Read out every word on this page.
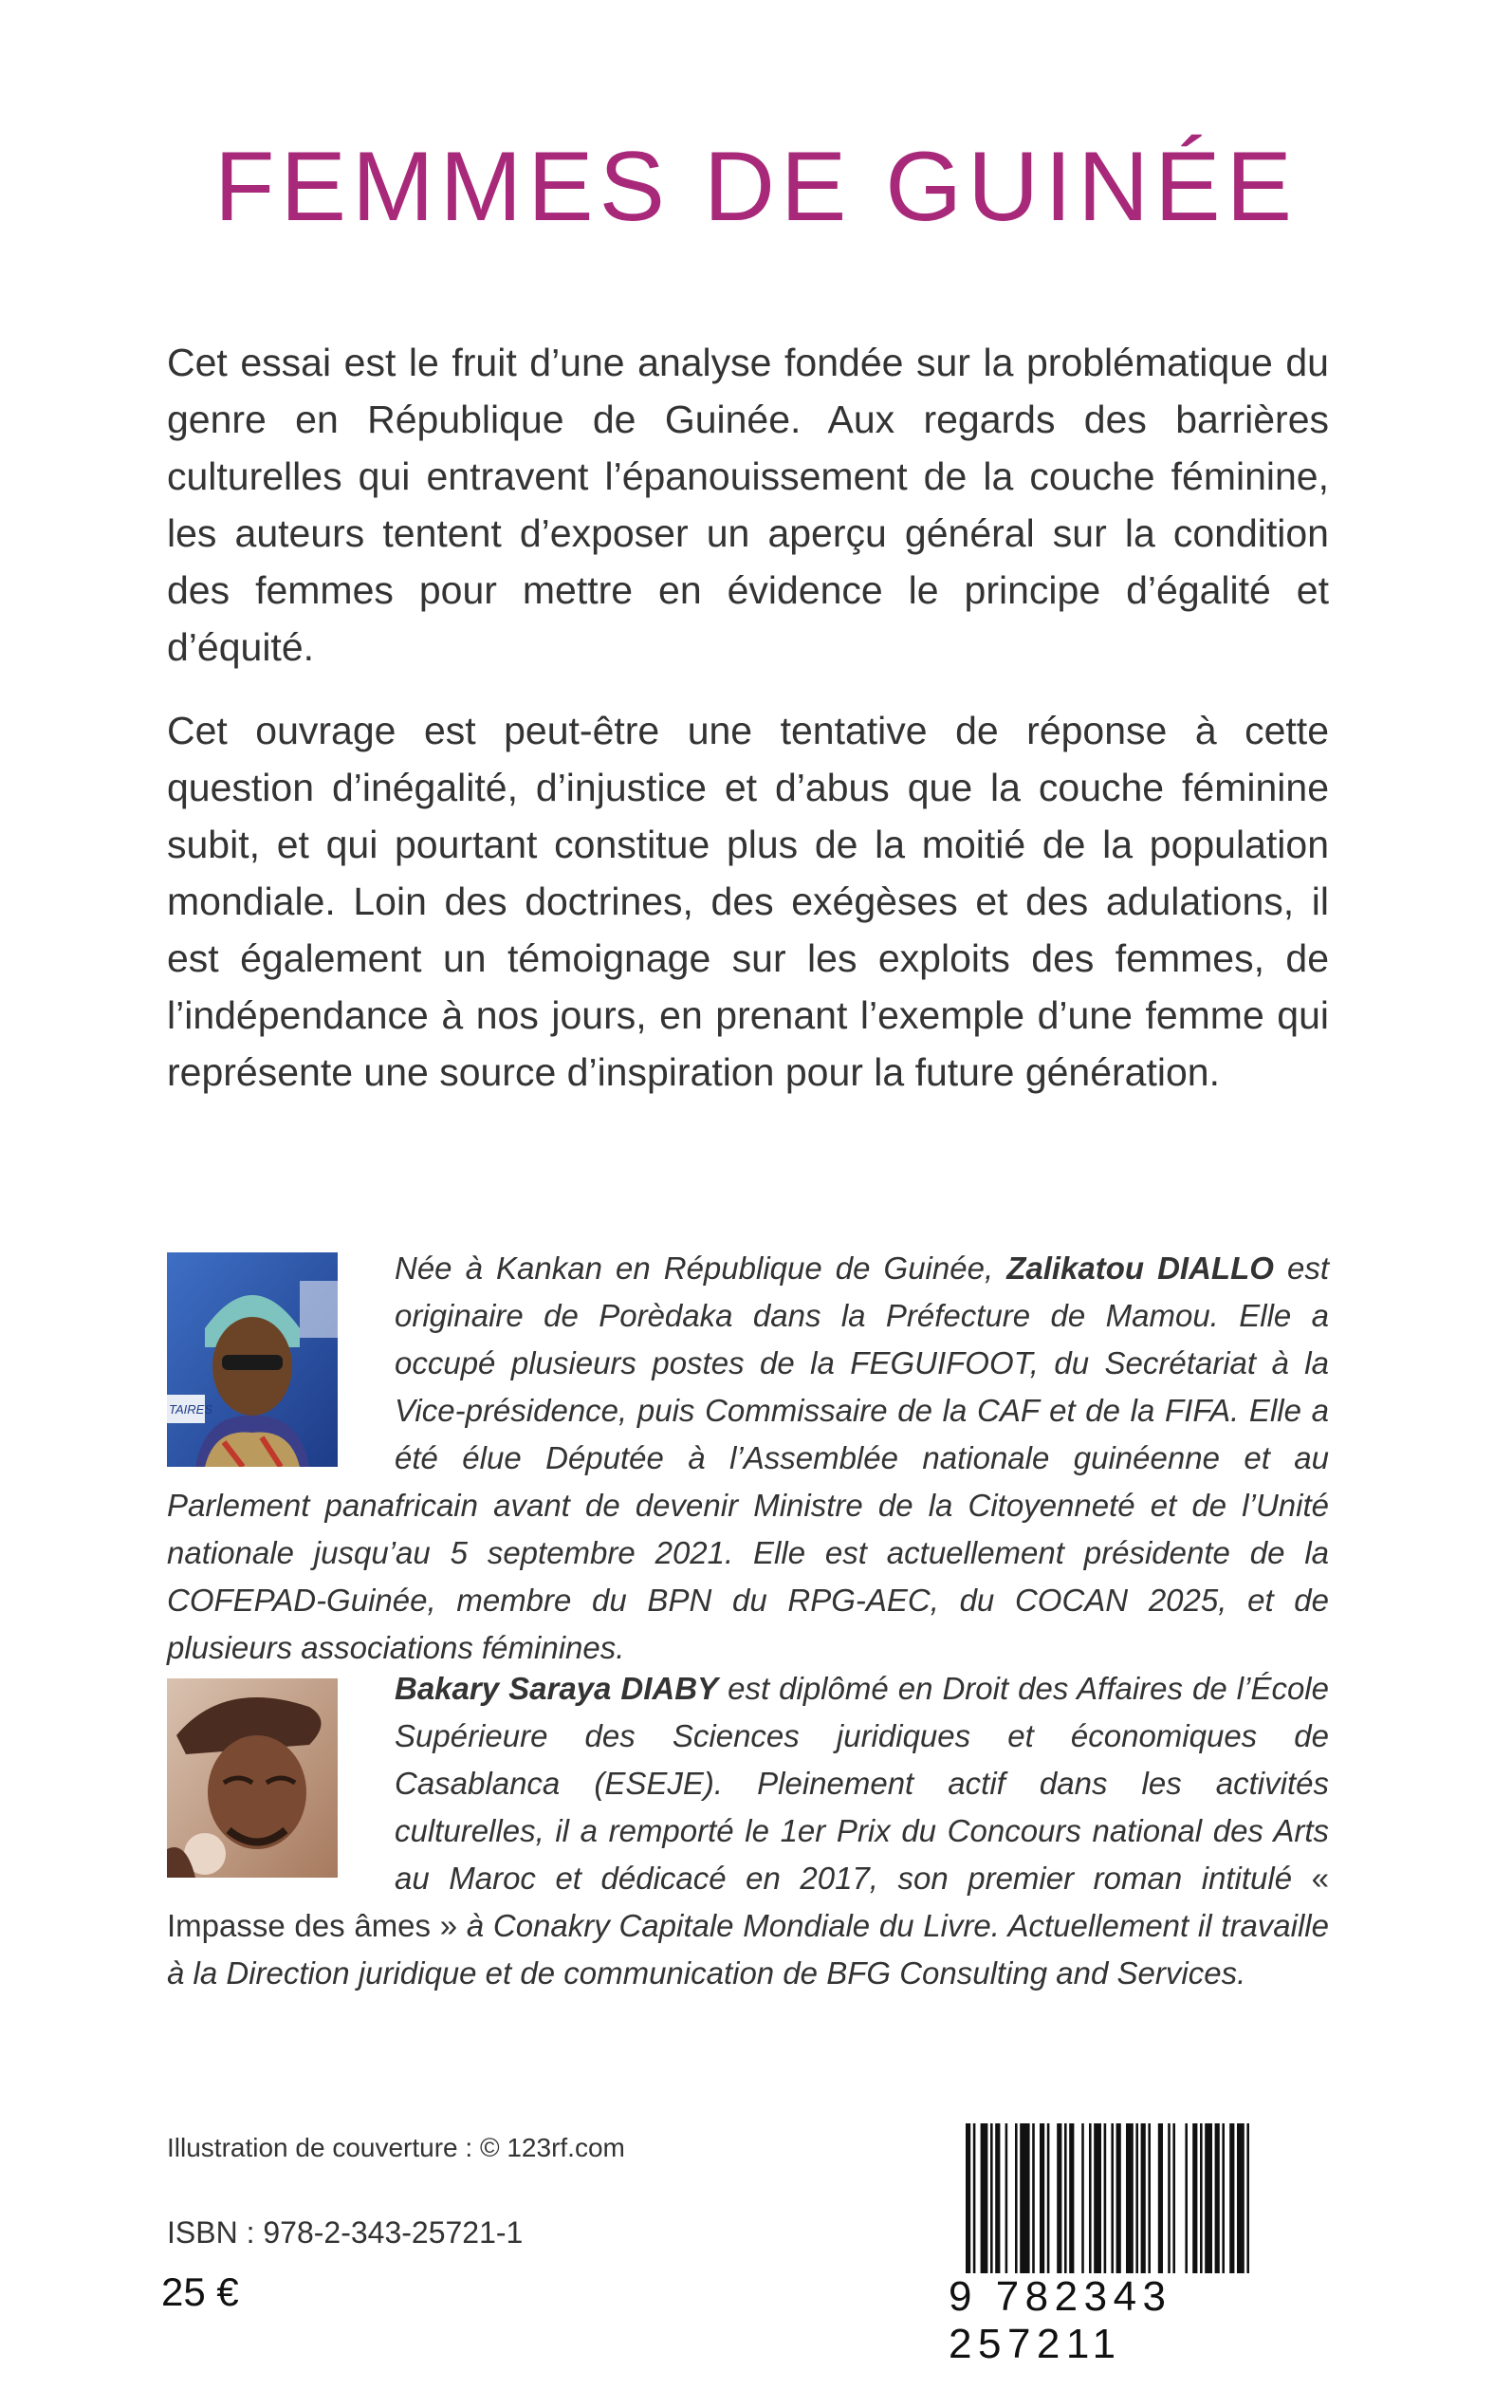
FEMMES DE GUINÉE

Cet essai est le fruit d’une analyse fondée sur la problématique du genre en République de Guinée. Aux regards des barrières culturelles qui entravent l’épanouissement de la couche féminine, les auteurs tentent d’exposer un aperçu général sur la condition des femmes pour mettre en évidence le principe d’égalité et d’équité.

Cet ouvrage est peut-être une tentative de réponse à cette question d’inégalité, d’injustice et d’abus que la couche féminine subit, et qui pourtant constitue plus de la moitié de la population mondiale. Loin des doctrines, des exégèses et des adulations, il est également un témoignage sur les exploits des femmes, de l’indépendance à nos jours, en prenant l’exemple d’une femme qui représente une source d’inspiration pour la future génération.

TAIRES
Née à Kankan en République de Guinée, Zalikatou DIALLO est originaire de Porèdaka dans la Préfecture de Mamou. Elle a occupé plusieurs postes de la FEGUIFOOT, du Secrétariat à la Vice-présidence, puis Commissaire de la CAF et de la FIFA. Elle a été élue Députée à l’Assemblée nationale guinéenne et au Parlement panafricain avant de devenir Ministre de la Citoyenneté et de l’Unité nationale jusqu’au 5 septembre 2021. Elle est actuellement présidente de la COFEPAD-Guinée, membre du BPN du RPG-AEC, du COCAN 2025, et de plusieurs associations féminines.
Bakary Saraya DIABY est diplômé en Droit des Affaires de l’École Supérieure des Sciences juridiques et économiques de Casablanca (ESEJE). Pleinement actif dans les activités culturelles, il a remporté le 1er Prix du Concours national des Arts au Maroc et dédicacé en 2017, son premier roman intitulé « Impasse des âmes » à Conakry Capitale Mondiale du Livre. Actuellement il travaille à la Direction juridique et de communication de BFG Consulting and Services.
Illustration de couverture : © 123rf.com
ISBN : 978-2-343-25721-1
25 €	9 782343 257211
